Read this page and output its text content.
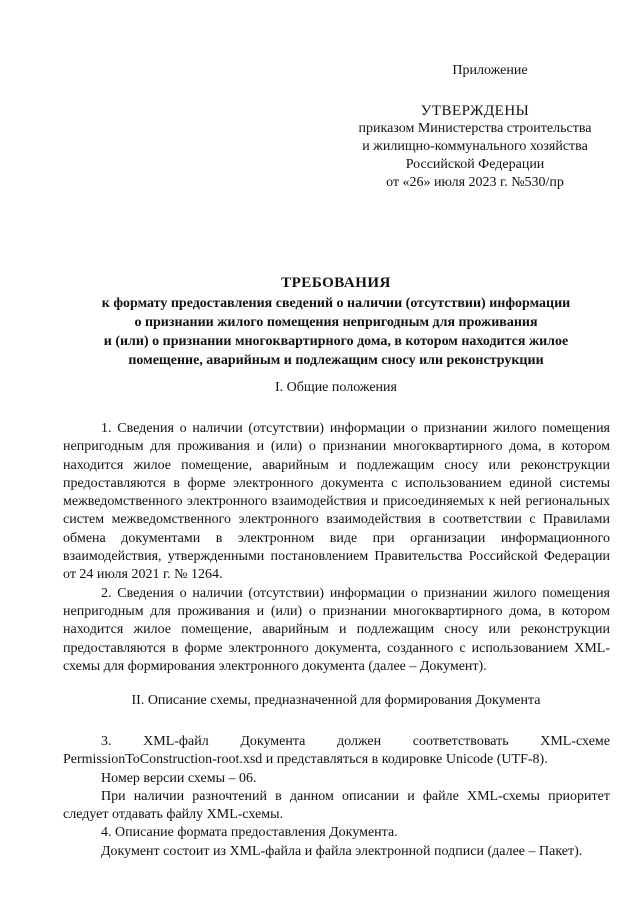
Приложение
УТВЕРЖДЕНЫ
приказом Министерства строительства
и жилищно-коммунального хозяйства
Российской Федерации
от «26» июля 2023 г. №530/пр
ТРЕБОВАНИЯ
к формату предоставления сведений о наличии (отсутствии) информации
о признании жилого помещения непригодным для проживания
и (или) о признании многоквартирного дома, в котором находится жилое
помещение, аварийным и подлежащим сносу или реконструкции
I. Общие положения

1. Сведения о наличии (отсутствии) информации о признании жилого помещения непригодным для проживания и (или) о признании многоквартирного дома, в котором находится жилое помещение, аварийным и подлежащим сносу или реконструкции предоставляются в форме электронного документа с использованием единой системы межведомственного электронного взаимодействия и присоединяемых к ней региональных систем межведомственного электронного взаимодействия в соответствии с Правилами обмена документами в электронном виде при организации информационного взаимодействия, утвержденными постановлением Правительства Российской Федерации от 24 июля 2021 г. № 1264.

2. Сведения о наличии (отсутствии) информации о признании жилого помещения непригодным для проживания и (или) о признании многоквартирного дома, в котором находится жилое помещение, аварийным и подлежащим сносу или реконструкции предоставляются в форме электронного документа, созданного с использованием XML-схемы для формирования электронного документа (далее – Документ).

II. Описание схемы, предназначенной для формирования Документа

3. XML-файл Документа должен соответствовать XML-схеме PermissionToConstruction-root.xsd и представляться в кодировке Unicode (UTF-8).

Номер версии схемы – 06.

При наличии разночтений в данном описании и файле XML-схемы приоритет следует отдавать файлу XML-схемы.

4. Описание формата предоставления Документа.

Документ состоит из XML-файла и файла электронной подписи (далее – Пакет).
